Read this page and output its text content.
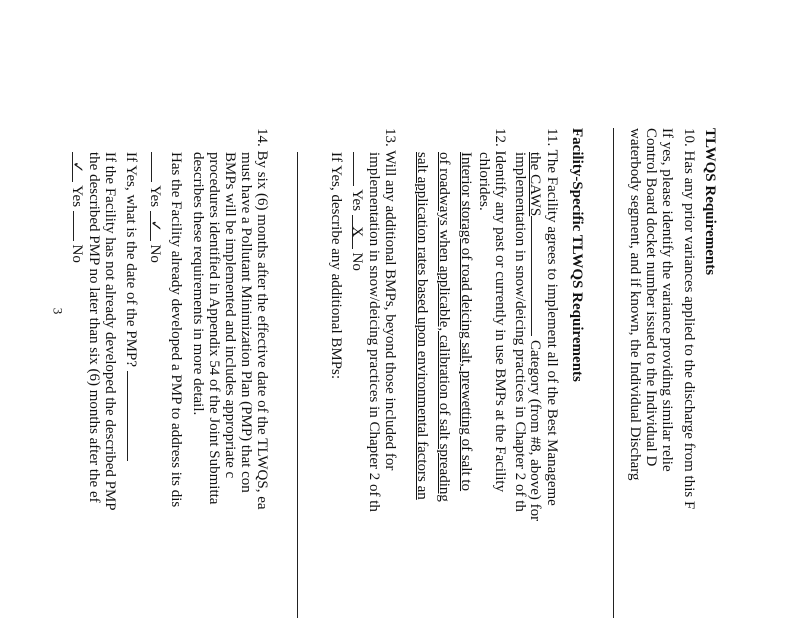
TLWQS Requirements
10. Has any prior variances applied to the discharge from this F
If yes, please identify the variance providing similar relie
Control Board docket number issued to the Individual D
waterbody segment, and if known, the Individual Discharg
Facility-Specific TLWQS Requirements
11. The Facility agrees to implement all of the Best Manageme
the CAWS Category (from #8, above) for
implementation in snow/deicing practices in Chapter 2 of th
12. Identify any past or currently in use BMPs at the Facility
chlorides.
Interior storage of road deicing salt, prewetting of salt to
of roadways when applicable, calibration of salt spreading
salt application rates based upon environmental factors an
13. Will any additional BMPs, beyond those included for
implementation in snow/deicing practices in Chapter 2 of th
Yes X No
If Yes, describe any additional BMPs:
14. By six (6) months after the effective date of the TLWQS, ea
must have a Pollutant Minimization Plan (PMP) that con
BMPs will be implemented and includes appropriate c
procedures identified in Appendix 54 of the Joint Submitta
describes these requirements in more detail.
Has the Facility already developed a PMP to address its dis
Yes ✓ No
If Yes, what is the date of the PMP?
If the Facility has not already developed the described PMP
the described PMP no later than six (6) months after the ef
✓ Yes  No
3
